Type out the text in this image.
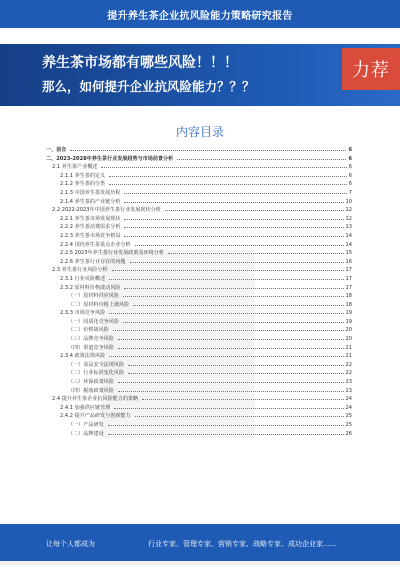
提升养生茶企业抗风险能力策略研究报告
养生茶市场都有哪些风险！！！
那么，如何提升企业抗风险能力？？？
力荐
内容目录
一、前言	6
二、2023-2028年养生茶行业发展趋势与市场前景分析	6
2.1 养生茶产业概述	6
2.1.1 养生茶的定义	6
2.1.2 养生茶的分类	6
2.1.3 中国养生茶发展历程	7
2.1.4 养生茶的产业链分析	10
2.2 2022-2023年中国养生茶行业发展现状分析	12
2.2.1 养生茶市场发展现状	12
2.2.2 养生茶消费需求分析	13
2.2.3 养生茶市场竞争格局	14
2.2.4 国内养生茶重点企业分析	14
2.2.5 2023年养生茶行业发展政策及环境分析	15
2.2.6 养生茶行业存在的问题	16
2.3 养生茶行业风险分析	17
2.3.1 行业风险概述	17
2.3.2 原材料价格波动风险	17
（一）原材料供应风险	18
（二）原材料价格上涨风险	18
2.3.3 市场竞争风险	19
（一）同质化竞争风险	19
（二）价格战风险	20
（三）品牌竞争风险	20
（四）渠道竞争风险	21
2.3.4 政策法规风险	21
（一）食品安全法规风险	22
（二）行业标准变化风险	22
（三）环保政策风险	23
（四）税收政策风险	23
2.4 提升养生茶企业抗风险能力的策略	24
2.4.1 加强供应链管理	24
2.4.2 提升产品研发与创新能力	25
（一）产品研发	25
（二）品牌建设	26
让每个人都成为	行业专家、管理专家、营销专家、战略专家、成功企业家……
